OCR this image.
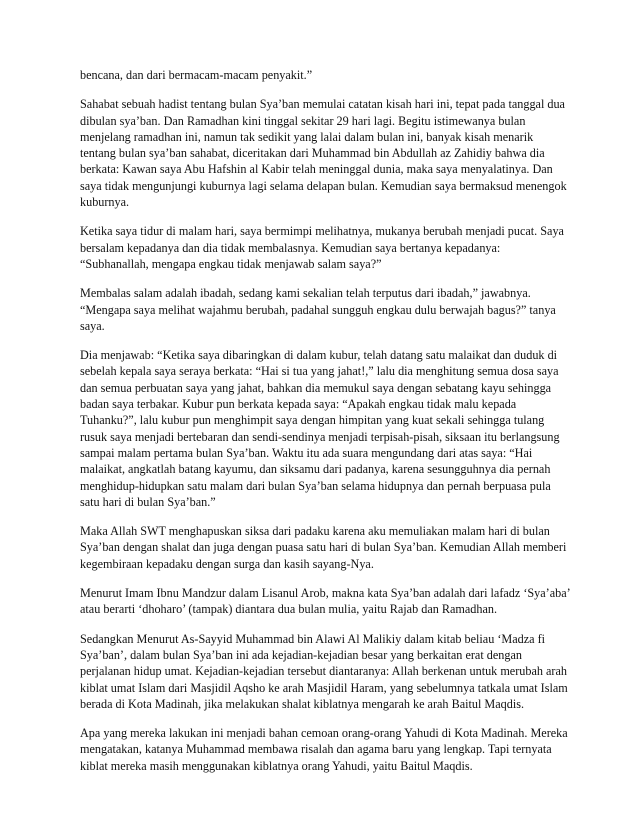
bencana, dan dari bermacam-macam penyakit.”

Sahabat sebuah hadist tentang bulan Sya’ban memulai catatan kisah hari ini, tepat pada tanggal dua dibulan sya’ban. Dan Ramadhan kini tinggal sekitar 29 hari lagi. Begitu istimewanya bulan menjelang ramadhan ini, namun tak sedikit yang lalai dalam bulan ini, banyak kisah menarik tentang bulan sya’ban sahabat, diceritakan dari Muhammad bin Abdullah az Zahidiy bahwa dia berkata: Kawan saya Abu Hafshin al Kabir telah meninggal dunia, maka saya menyalatinya. Dan saya tidak mengunjungi kuburnya lagi selama delapan bulan. Kemudian saya bermaksud menengok kuburnya.

Ketika saya tidur di malam hari, saya bermimpi melihatnya, mukanya berubah menjadi pucat. Saya bersalam kepadanya dan dia tidak membalasnya. Kemudian saya bertanya kepadanya: “Subhanallah, mengapa engkau tidak menjawab salam saya?”

Membalas salam adalah ibadah, sedang kami sekalian telah terputus dari ibadah,” jawabnya. “Mengapa saya melihat wajahmu berubah, padahal sungguh engkau dulu berwajah bagus?” tanya saya.

Dia menjawab: “Ketika saya dibaringkan di dalam kubur, telah datang satu malaikat dan duduk di sebelah kepala saya seraya berkata: “Hai si tua yang jahat!,” lalu dia menghitung semua dosa saya dan semua perbuatan saya yang jahat, bahkan dia memukul saya dengan sebatang kayu sehingga badan saya terbakar. Kubur pun berkata kepada saya: “Apakah engkau tidak malu kepada Tuhanku?”, lalu kubur pun menghimpit saya dengan himpitan yang kuat sekali sehingga tulang rusuk saya menjadi bertebaran dan sendi-sendinya menjadi terpisah-pisah, siksaan itu berlangsung sampai malam pertama bulan Sya’ban. Waktu itu ada suara mengundang dari atas saya: “Hai malaikat, angkatlah batang kayumu, dan siksamu dari padanya, karena sesungguhnya dia pernah menghidup-hidupkan satu malam dari bulan Sya’ban selama hidupnya dan pernah berpuasa pula satu hari di bulan Sya’ban.”

Maka Allah SWT menghapuskan siksa dari padaku karena aku memuliakan malam hari di bulan Sya’ban dengan shalat dan juga dengan puasa satu hari di bulan Sya’ban. Kemudian Allah memberi kegembiraan kepadaku dengan surga dan kasih sayang-Nya.

Menurut Imam Ibnu Mandzur dalam Lisanul Arob, makna kata Sya’ban adalah dari lafadz ‘Sya’aba’ atau berarti ‘dhoharo’ (tampak) diantara dua bulan mulia, yaitu Rajab dan Ramadhan.

Sedangkan Menurut As-Sayyid Muhammad bin Alawi Al Malikiy dalam kitab beliau ‘Madza fi Sya’ban’, dalam bulan Sya’ban ini ada kejadian-kejadian besar yang berkaitan erat dengan perjalanan hidup umat. Kejadian-kejadian tersebut diantaranya: Allah berkenan untuk merubah arah kiblat umat Islam dari Masjidil Aqsho ke arah Masjidil Haram, yang sebelumnya tatkala umat Islam berada di Kota Madinah, jika melakukan shalat kiblatnya mengarah ke arah Baitul Maqdis.

Apa yang mereka lakukan ini menjadi bahan cemoan orang-orang Yahudi di Kota Madinah. Mereka mengatakan, katanya Muhammad membawa risalah dan agama baru yang lengkap. Tapi ternyata kiblat mereka masih menggunakan kiblatnya orang Yahudi, yaitu Baitul Maqdis.
